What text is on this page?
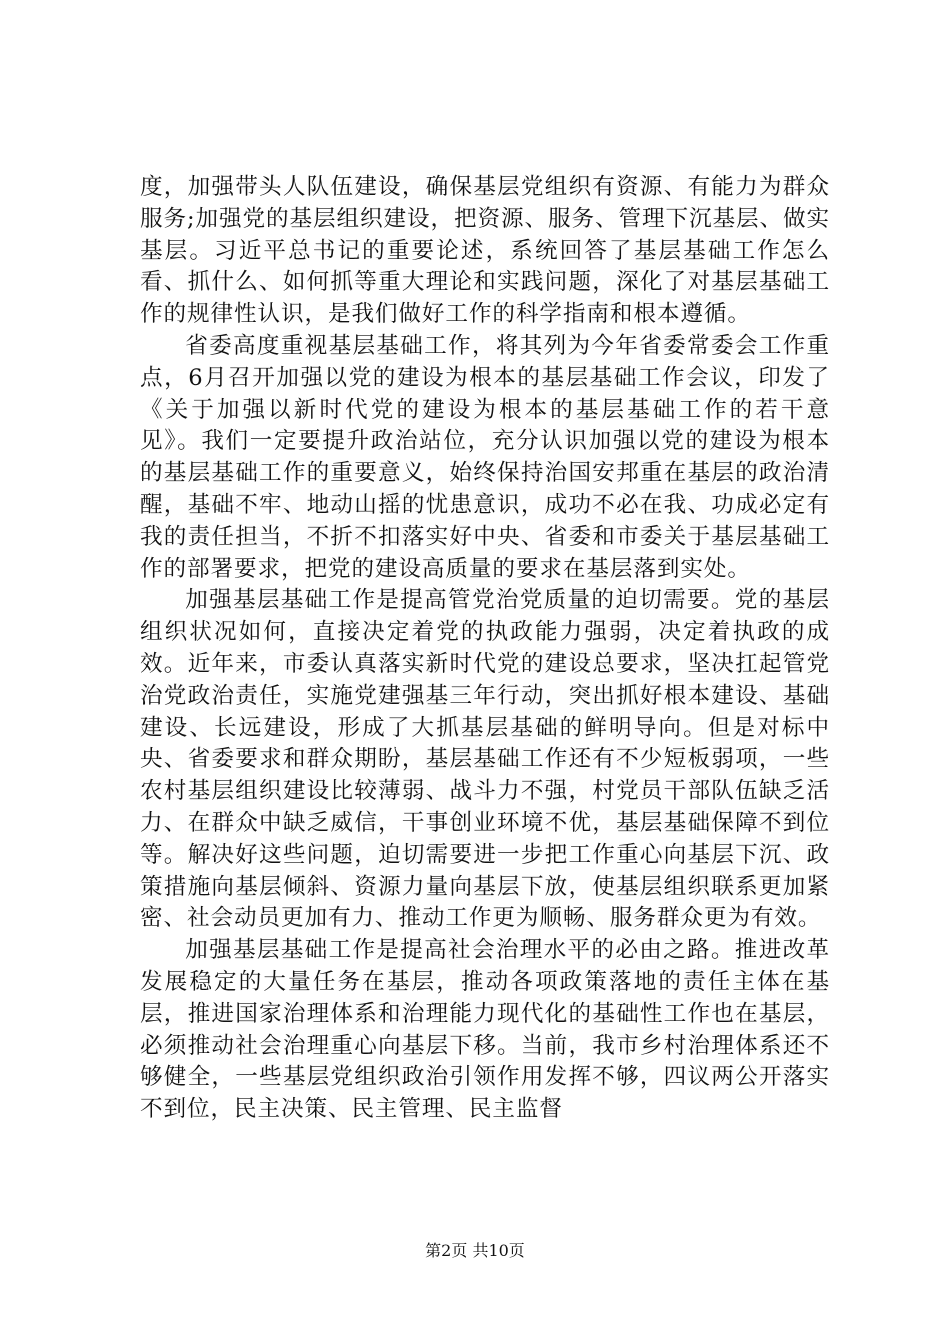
度，加强带头人队伍建设，确保基层党组织有资源、有能力为群众服务;加强党的基层组织建设，把资源、服务、管理下沉基层、做实基层。习近平总书记的重要论述，系统回答了基层基础工作怎么看、抓什么、如何抓等重大理论和实践问题，深化了对基层基础工作的规律性认识，是我们做好工作的科学指南和根本遵循。

省委高度重视基层基础工作，将其列为今年省委常委会工作重点，6月召开加强以党的建设为根本的基层基础工作会议，印发了《关于加强以新时代党的建设为根本的基层基础工作的若干意见》。我们一定要提升政治站位，充分认识加强以党的建设为根本的基层基础工作的重要意义，始终保持治国安邦重在基层的政治清醒，基础不牢、地动山摇的忧患意识，成功不必在我、功成必定有我的责任担当，不折不扣落实好中央、省委和市委关于基层基础工作的部署要求，把党的建设高质量的要求在基层落到实处。

加强基层基础工作是提高管党治党质量的迫切需要。党的基层组织状况如何，直接决定着党的执政能力强弱，决定着执政的成效。近年来，市委认真落实新时代党的建设总要求，坚决扛起管党治党政治责任，实施党建强基三年行动，突出抓好根本建设、基础建设、长远建设，形成了大抓基层基础的鲜明导向。但是对标中央、省委要求和群众期盼，基层基础工作还有不少短板弱项，一些农村基层组织建设比较薄弱、战斗力不强，村党员干部队伍缺乏活力、在群众中缺乏威信，干事创业环境不优，基层基础保障不到位等。解决好这些问题，迫切需要进一步把工作重心向基层下沉、政策措施向基层倾斜、资源力量向基层下放，使基层组织联系更加紧密、社会动员更加有力、推动工作更为顺畅、服务群众更为有效。

加强基层基础工作是提高社会治理水平的必由之路。推进改革发展稳定的大量任务在基层，推动各项政策落地的责任主体在基层，推进国家治理体系和治理能力现代化的基础性工作也在基层，必须推动社会治理重心向基层下移。当前，我市乡村治理体系还不够健全，一些基层党组织政治引领作用发挥不够，四议两公开落实不到位，民主决策、民主管理、民主监督

第2页 共10页
